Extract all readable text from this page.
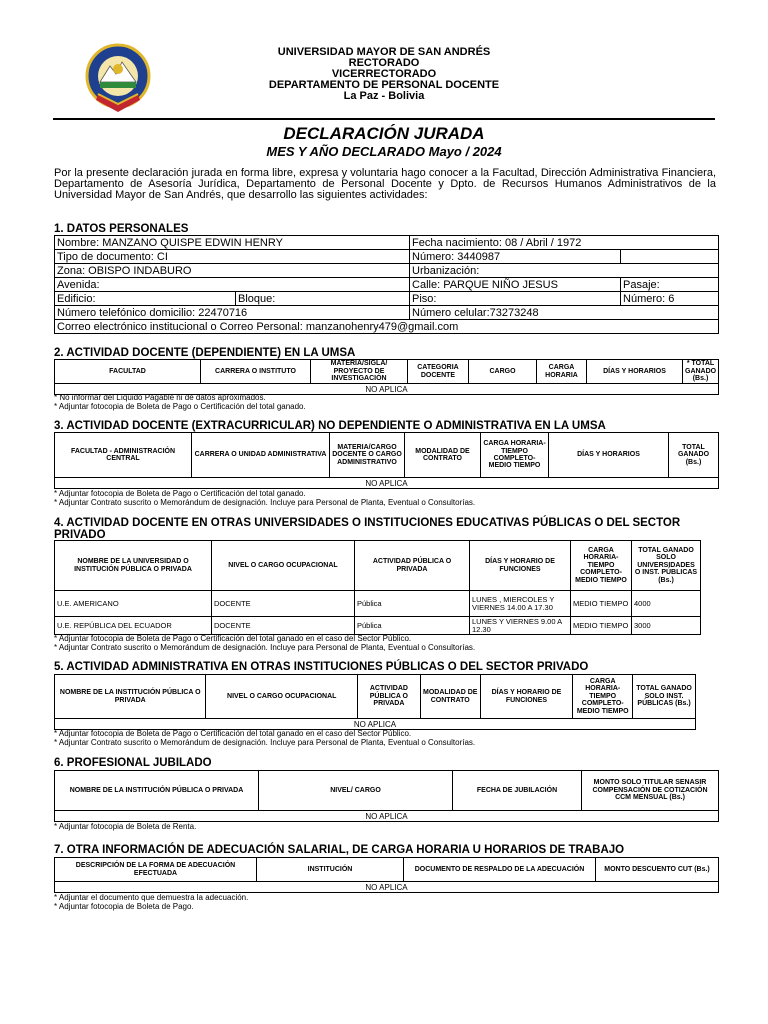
UNIVERSIDAD MAYOR DE SAN ANDRÉS
RECTORADO
VICERRECTORADO
DEPARTAMENTO DE PERSONAL DOCENTE
La Paz - Bolivia
DECLARACIÓN JURADA
MES Y AÑO DECLARADO Mayo / 2024
Por la presente declaración jurada en forma libre, expresa y voluntaria hago conocer a la Facultad, Dirección Administrativa Financiera, Departamento de Asesoría Jurídica, Departamento de Personal Docente y Dpto. de Recursos Humanos Administrativos de la Universidad Mayor de San Andrés, que desarrollo las siguientes actividades:
1. DATOS PERSONALES
Nombre: MANZANO QUISPE EDWIN HENRY		Fecha nacimiento: 08 / Abril / 1972	
Tipo de documento: CI		Número: 3440987	
Zona: OBISPO INDABURO		Urbanización:	
Avenida:		Calle: PARQUE NIÑO JESUS	Pasaje:
Edificio:	Bloque:	Piso:	Número: 6
Número telefónico domicilio: 22470716		Número celular:73273248	
Correo electrónico institucional o Correo Personal: manzanohenry479@gmail.com			
2. ACTIVIDAD DOCENTE (DEPENDIENTE) EN LA UMSA
FACULTAD	CARRERA O INSTITUTO	MATERIA/SIGLA/ PROYECTO DE INVESTIGACIÓN	CATEGORIA DOCENTE	CARGO	CARGA HORARIA	DÍAS Y HORARIOS	* TOTAL GANADO (Bs.)
NO APLICA
* No informar del Líquido Pagable ni de datos aproximados.
* Adjuntar fotocopia de Boleta de Pago o Certificación del total ganado.
3. ACTIVIDAD DOCENTE (EXTRACURRICULAR) NO DEPENDIENTE O ADMINISTRATIVA EN LA UMSA
FACULTAD - ADMINISTRACIÓN CENTRAL	CARRERA O UNIDAD ADMINISTRATIVA	MATERIA/CARGO DOCENTE O CARGO ADMINISTRATIVO	MODALIDAD DE CONTRATO	CARGA HORARIA- TIEMPO COMPLETO- MEDIO TIEMPO	DÍAS Y HORARIOS	TOTAL GANADO (Bs.)
NO APLICA
* Adjuntar fotocopia de Boleta de Pago o Certificación del total ganado.
* Adjuntar Contrato suscrito o Memorándum de designación. Incluye para Personal de Planta, Eventual o Consultorías.
4. ACTIVIDAD DOCENTE EN OTRAS UNIVERSIDADES O INSTITUCIONES EDUCATIVAS PÚBLICAS O DEL SECTOR PRIVADO
NOMBRE DE LA UNIVERSIDAD O INSTITUCIÓN PÚBLICA O PRIVADA	NIVEL O CARGO OCUPACIONAL	ACTIVIDAD PÚBLICA O PRIVADA	DÍAS Y HORARIO DE FUNCIONES	CARGA HORARIA- TIEMPO COMPLETO- MEDIO TIEMPO	TOTAL GANADO SOLO UNIVERSIDADES O INST. PÚBLICAS (Bs.)
U.E. AMERICANO	DOCENTE	Pública	LUNES , MIERCOLES Y VIERNES 14.00 A 17.30	MEDIO TIEMPO	4000
U.E. REPÚBLICA DEL ECUADOR	DOCENTE	Pública	LUNES Y VIERNES 9.00 A 12.30	MEDIO TIEMPO	3000
* Adjuntar fotocopia de Boleta de Pago o Certificación del total ganado en el caso del Sector Público.
* Adjuntar Contrato suscrito o Memorándum de designación. Incluye para Personal de Planta, Eventual o Consultorías.
5. ACTIVIDAD ADMINISTRATIVA EN OTRAS INSTITUCIONES PÚBLICAS O DEL SECTOR PRIVADO
NOMBRE DE LA INSTITUCIÓN PÚBLICA O PRIVADA	NIVEL O CARGO OCUPACIONAL	ACTIVIDAD PÚBLICA O PRIVADA	MODALIDAD DE CONTRATO	DÍAS Y HORARIO DE FUNCIONES	CARGA HORARIA- TIEMPO COMPLETO- MEDIO TIEMPO	TOTAL GANADO SOLO INST. PÚBLICAS (Bs.)
NO APLICA
* Adjuntar fotocopia de Boleta de Pago o Certificación del total ganado en el caso del Sector Público.
* Adjuntar Contrato suscrito o Memorándum de designación. Incluye para Personal de Planta, Eventual o Consultorías.
6. PROFESIONAL JUBILADO
NOMBRE DE LA INSTITUCIÓN PÚBLICA O PRIVADA	NIVEL/ CARGO	FECHA DE JUBILACIÓN	MONTO SOLO TITULAR SENASIR COMPENSACIÓN DE COTIZACIÓN CCM MENSUAL (Bs.)
NO APLICA
* Adjuntar fotocopia de Boleta de Renta.
7. OTRA INFORMACIÓN DE ADECUACIÓN SALARIAL, DE CARGA HORARIA U HORARIOS DE TRABAJO
DESCRIPCIÓN DE LA FORMA DE ADECUACIÓN EFECTUADA	INSTITUCIÓN	DOCUMENTO DE RESPALDO DE LA ADECUACIÓN	MONTO DESCUENTO CUT (Bs.)
NO APLICA
* Adjuntar el documento que demuestra la adecuación.
* Adjuntar fotocopia de Boleta de Pago.
